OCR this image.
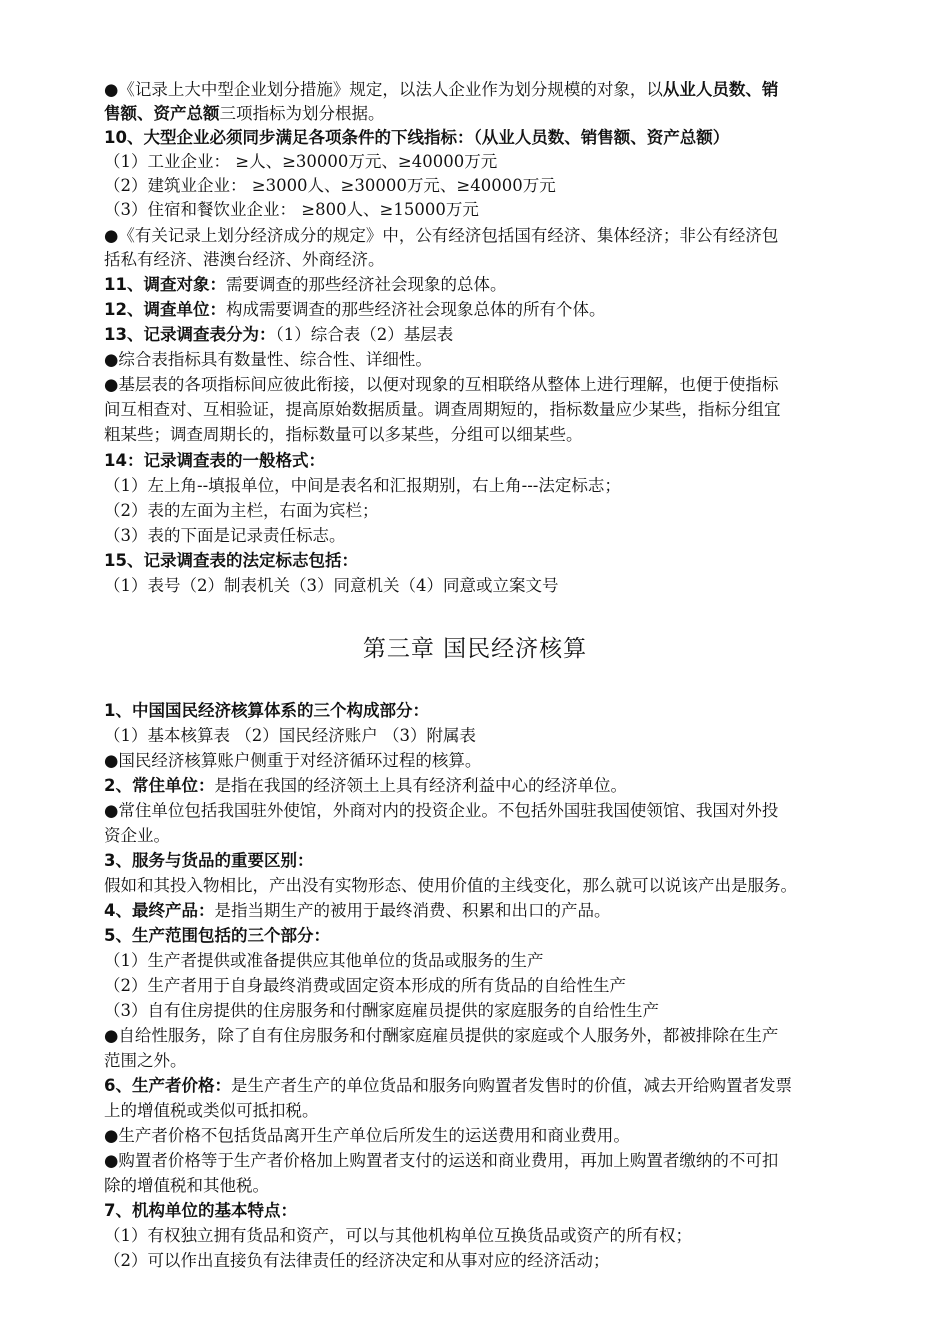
第三章 国民经济核算
●《记录上大中型企业划分措施》规定，以法人企业作为划分规模的对象，以从业人员数、销
售额、资产总额三项指标为划分根据。
10、大型企业必须同步满足各项条件的下线指标：（从业人员数、销售额、资产总额）
（1）工业企业： ≥人、≥30000万元、≥40000万元
（2）建筑业企业： ≥3000人、≥30000万元、≥40000万元
（3）住宿和餐饮业企业： ≥800人、≥15000万元
●《有关记录上划分经济成分的规定》中，公有经济包括国有经济、集体经济；非公有经济包
括私有经济、港澳台经济、外商经济。
11、调查对象：需要调查的那些经济社会现象的总体。
12、调查单位：构成需要调查的那些经济社会现象总体的所有个体。
13、记录调查表分为：（1）综合表（2）基层表
●综合表指标具有数量性、综合性、详细性。
●基层表的各项指标间应彼此衔接，以便对现象的互相联络从整体上进行理解，也便于使指标
间互相查对、互相验证，提高原始数据质量。调查周期短的，指标数量应少某些，指标分组宜
粗某些；调查周期长的，指标数量可以多某些，分组可以细某些。
14：记录调查表的一般格式：
（1）左上角--填报单位，中间是表名和汇报期别，右上角---法定标志；
（2）表的左面为主栏，右面为宾栏；
（3）表的下面是记录责任标志。
15、记录调查表的法定标志包括：
（1）表号（2）制表机关（3）同意机关（4）同意或立案文号
1、中国国民经济核算体系的三个构成部分：
（1）基本核算表 （2）国民经济账户 （3）附属表
●国民经济核算账户侧重于对经济循环过程的核算。
2、常住单位：是指在我国的经济领土上具有经济利益中心的经济单位。
●常住单位包括我国驻外使馆，外商对内的投资企业。不包括外国驻我国使领馆、我国对外投
资企业。
3、服务与货品的重要区别：
假如和其投入物相比，产出没有实物形态、使用价值的主线变化，那么就可以说该产出是服务。
4、最终产品：是指当期生产的被用于最终消费、积累和出口的产品。
5、生产范围包括的三个部分：
（1）生产者提供或准备提供应其他单位的货品或服务的生产
（2）生产者用于自身最终消费或固定资本形成的所有货品的自给性生产
（3）自有住房提供的住房服务和付酬家庭雇员提供的家庭服务的自给性生产
●自给性服务，除了自有住房服务和付酬家庭雇员提供的家庭或个人服务外，都被排除在生产
范围之外。
6、生产者价格：是生产者生产的单位货品和服务向购置者发售时的价值，减去开给购置者发票
上的增值税或类似可抵扣税。
●生产者价格不包括货品离开生产单位后所发生的运送费用和商业费用。
●购置者价格等于生产者价格加上购置者支付的运送和商业费用，再加上购置者缴纳的不可扣
除的增值税和其他税。
7、机构单位的基本特点：
（1）有权独立拥有货品和资产，可以与其他机构单位互换货品或资产的所有权；
（2）可以作出直接负有法律责任的经济决定和从事对应的经济活动；
